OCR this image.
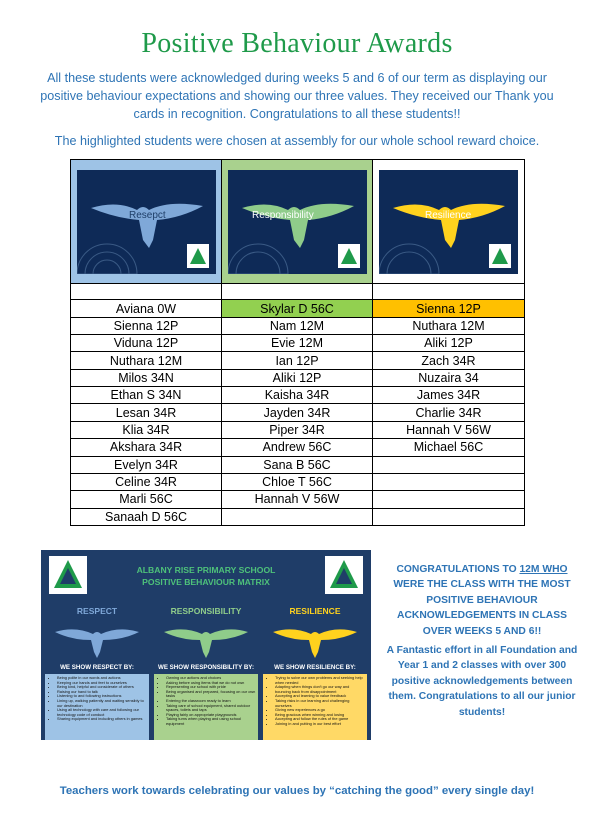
Positive Behaviour Awards
All these students were acknowledged during weeks 5 and 6 of our term as displaying our positive behaviour expectations and showing our three values. They received our Thank you cards in recognition. Congratulations to all these students!!
The highlighted students were chosen at assembly for our whole school reward choice.
Resepct	Responsibility	Resilience

Aviana 0W	Skylar D 56C	Sienna 12P
Sienna 12P	Nam 12M	Nuthara 12M
Viduna 12P	Evie 12M	Aliki 12P
Nuthara 12M	Ian 12P	Zach 34R
Milos 34N	Aliki 12P	Nuzaira 34
Ethan S 34N	Kaisha 34R	James 34R
Lesan 34R	Jayden 34R	Charlie 34R
Klia 34R	Piper 34R	Hannah V 56W
Akshara 34R	Andrew 56C	Michael 56C
Evelyn 34R	Sana B 56C	
Celine 34R	Chloe T 56C	
Marli 56C	Hannah V 56W	
Sanaah D 56C		
ALBANY RISE PRIMARY SCHOOL
POSITIVE BEHAVIOUR MATRIX
RESPECT
WE SHOW RESPECT BY:
• Being polite in our words and actions
• Keeping our hands and feet to ourselves
• Being kind, helpful and considerate of others
• Raising our hand to talk
• Listening to and following instructions
• Lining up, walking patiently and waiting sensibly to our destination
• Using all technology with care and following our technology code of conduct
• Sharing equipment and including others in games
RESPONSIBILITY
WE SHOW RESPONSIBILITY BY:
• Owning our actions and choices
• Asking before using items that we do not own
• Representing our school with pride
• Being organised and prepared, focusing on our own tasks
• Entering the classroom ready to learn
• Taking care of school equipment, shared outdoor spaces, toilets and taps
• Playing fairly on appropriate playgrounds
• Taking turns when playing and using school equipment
RESILIENCE
WE SHOW RESILIENCE BY:
• Trying to solve our own problems and seeking help when needed
• Adapting when things don't go our way and bouncing back from disappointment
• Accepting and learning to value feedback
• Taking risks in our learning and challenging ourselves
• Giving new experiences a go
• Being gracious when winning and losing
• Accepting and follow the rules of the game
• Joining in and putting in our best effort

CONGRATULATIONS TO 12M WHO WERE THE CLASS WITH THE MOST POSITIVE BEHAVIOUR ACKNOWLEDGEMENTS IN CLASS OVER WEEKS 5 AND 6!!

A Fantastic effort in all Foundation and Year 1 and 2 classes with over 300 positive acknowledgements between them. Congratulations to all our junior students!

Teachers work towards celebrating our values by “catching the good” every single day!
